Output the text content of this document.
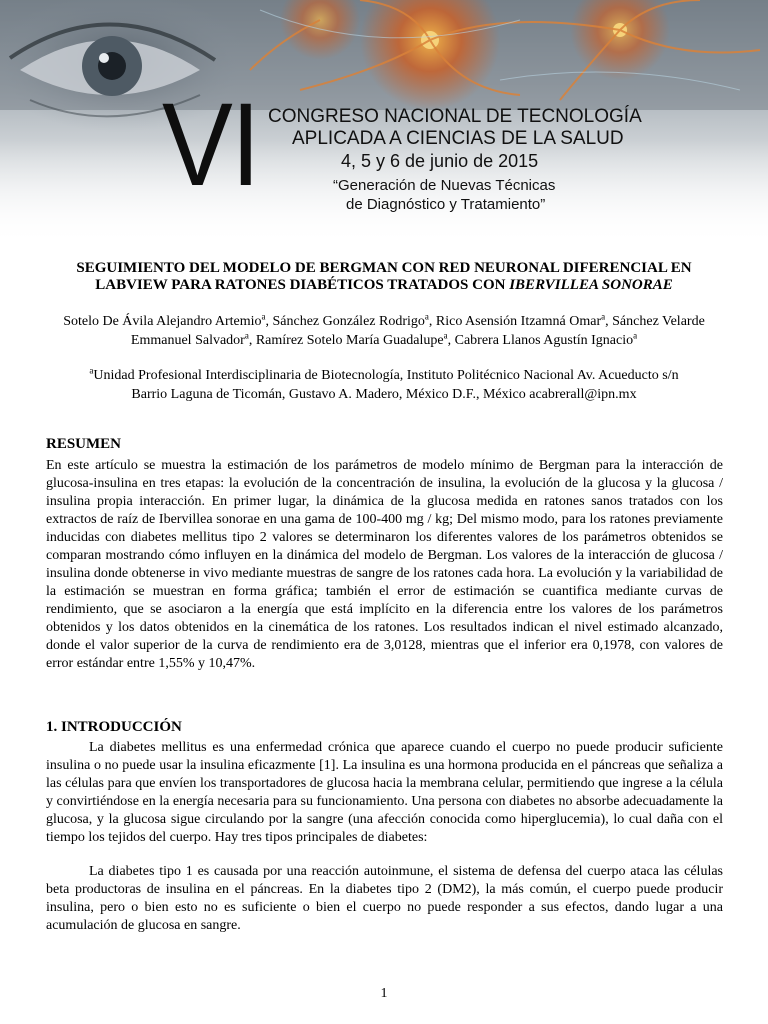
VI CONGRESO NACIONAL DE TECNOLOGÍA
APLICADA A CIENCIAS DE LA SALUD
4, 5 y 6 de junio de 2015
“Generación de Nuevas Técnicas
de Diagnóstico y Tratamiento”
SEGUIMIENTO DEL MODELO DE BERGMAN CON RED NEURONAL DIFERENCIAL EN
LABVIEW PARA RATONES DIABÉTICOS TRATADOS CON IBERVILLEA SONORAE
Sotelo De Ávila Alejandro Artemio$^a$, Sánchez González Rodrigo$^a$, Rico Asensión Itzamná Omar$^a$, Sánchez Velarde Emmanuel Salvador$^a$, Ramírez Sotelo María Guadalupe$^a$, Cabrera Llanos Agustín Ignacio$^a$
$^a$Unidad Profesional Interdisciplinaria de Biotecnología, Instituto Politécnico Nacional Av. Acueducto s/n
Barrio Laguna de Ticomán, Gustavo A. Madero, México D.F., México acabrerall@ipn.mx
RESUMEN

En este artículo se muestra la estimación de los parámetros de modelo mínimo de Bergman para la interacción de glucosa-insulina en tres etapas: la evolución de la concentración de insulina, la evolución de la glucosa y la glucosa / insulina propia interacción. En primer lugar, la dinámica de la glucosa medida en ratones sanos tratados con los extractos de raíz de Ibervillea sonorae en una gama de 100-400 mg / kg; Del mismo modo, para los ratones previamente inducidas con diabetes mellitus tipo 2 valores se determinaron los diferentes valores de los parámetros obtenidos se comparan mostrando cómo influyen en la dinámica del modelo de Bergman. Los valores de la interacción de glucosa / insulina donde obtenerse in vivo mediante muestras de sangre de los ratones cada hora. La evolución y la variabilidad de la estimación se muestran en forma gráfica; también el error de estimación se cuantifica mediante curvas de rendimiento, que se asociaron a la energía que está implícito en la diferencia entre los valores de los parámetros obtenidos y los datos obtenidos en la cinemática de los ratones. Los resultados indican el nivel estimado alcanzado, donde el valor superior de la curva de rendimiento era de 3,0128, mientras que el inferior era 0,1978, con valores de error estándar entre 1,55% y 10,47%.

1. INTRODUCCIÓN

La diabetes mellitus es una enfermedad crónica que aparece cuando el cuerpo no puede producir suficiente insulina o no puede usar la insulina eficazmente [1]. La insulina es una hormona producida en el páncreas que señaliza a las células para que envíen los transportadores de glucosa hacia la membrana celular, permitiendo que ingrese a la célula y convirtiéndose en la energía necesaria para su funcionamiento. Una persona con diabetes no absorbe adecuadamente la glucosa, y la glucosa sigue circulando por la sangre (una afección conocida como hiperglucemia), lo cual daña con el tiempo los tejidos del cuerpo. Hay tres tipos principales de diabetes:

La diabetes tipo 1 es causada por una reacción autoinmune, el sistema de defensa del cuerpo ataca las células beta productoras de insulina en el páncreas. En la diabetes tipo 2 (DM2), la más común, el cuerpo puede producir insulina, pero o bien esto no es suficiente o bien el cuerpo no puede responder a sus efectos, dando lugar a una acumulación de glucosa en sangre.

1
